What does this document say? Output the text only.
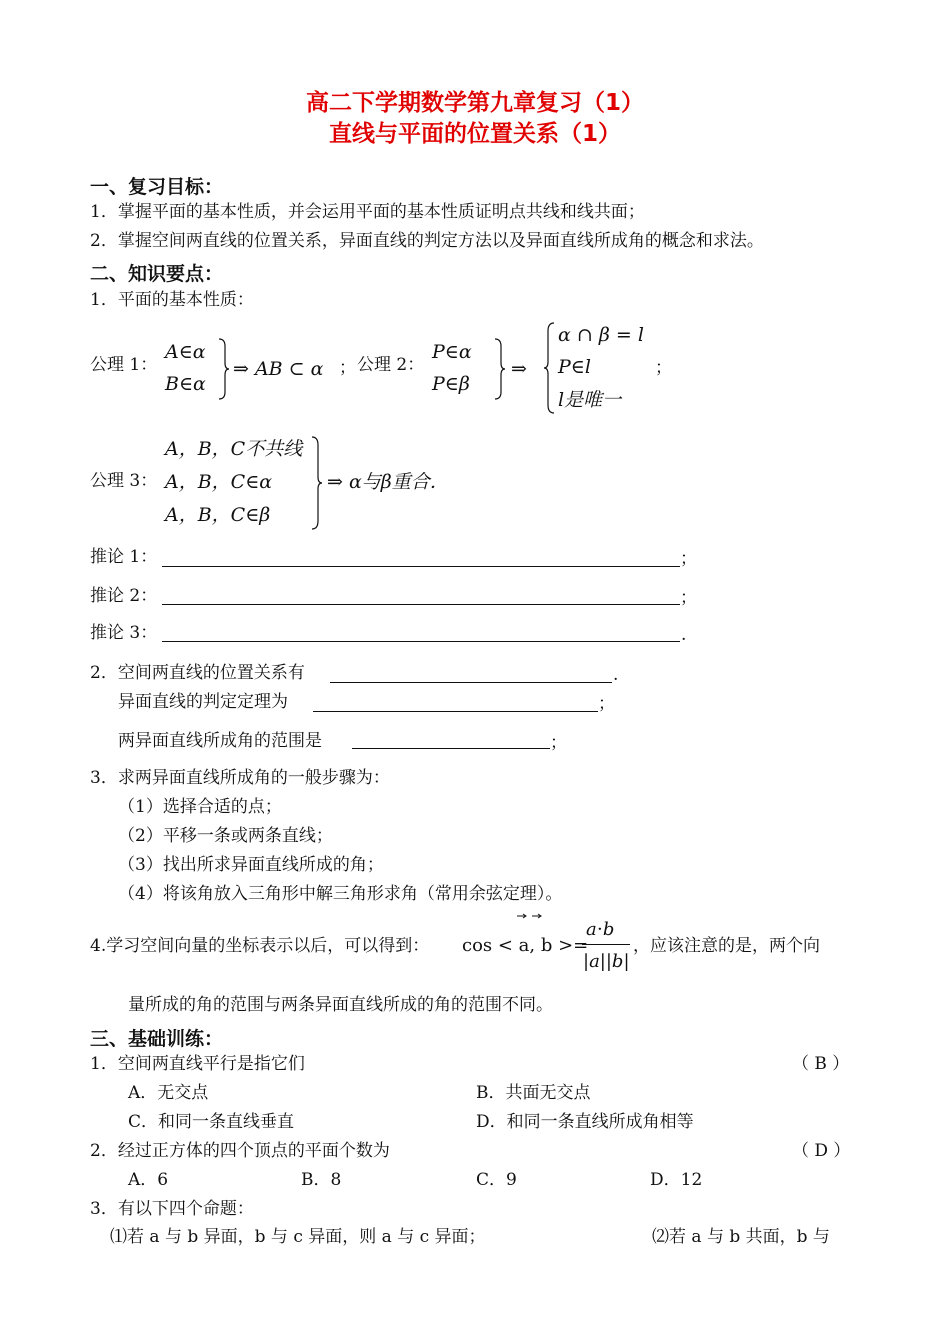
高二下学期数学第九章复习（1）
直线与平面的位置关系（1）
一、复习目标：
1．掌握平面的基本性质，并会运用平面的基本性质证明点共线和线共面；
2．掌握空间两直线的位置关系，异面直线的判定方法以及异面直线所成角的概念和求法。
二、知识要点：
1．平面的基本性质：
公理 1：
A∈α
B∈α
⇒ AB ⊂ α ； 公理 2：
P∈α
P∈β
⇒
α ∩ β = l
P∈l
l是唯一
；
公理 3：
A，B，C不共线
A，B，C∈α
A，B，C∈β
⇒ α与β重合．
推论 1：	；
推论 2：	；
推论 3：	.
2．空间两直线的位置关系有	.
异面直线的判定定理为	；
两异面直线所成角的范围是	；
3．求两异面直线所成角的一般步骤为：
（1）选择合适的点；
（2）平移一条或两条直线；
（3）找出所求异面直线所成的角；
（4）将该角放入三角形中解三角形求角（常用余弦定理）。
4.学习空间向量的坐标表示以后，可以得到： cos < a, b >=
a⋅b
|a||b|
，应该注意的是，两个向
量所成的角的范围与两条异面直线所成的角的范围不同。
三、基础训练：
1．空间两直线平行是指它们	（ B ）
A．无交点	B．共面无交点
C．和同一条直线垂直	D．和同一条直线所成角相等
2．经过正方体的四个顶点的平面个数为	（ D ）
A．6	B．8	C．9	D．12
3．有以下四个命题：
⑴若 a 与 b 异面，b 与 c 异面，则 a 与 c 异面；	⑵若 a 与 b 共面，b 与
